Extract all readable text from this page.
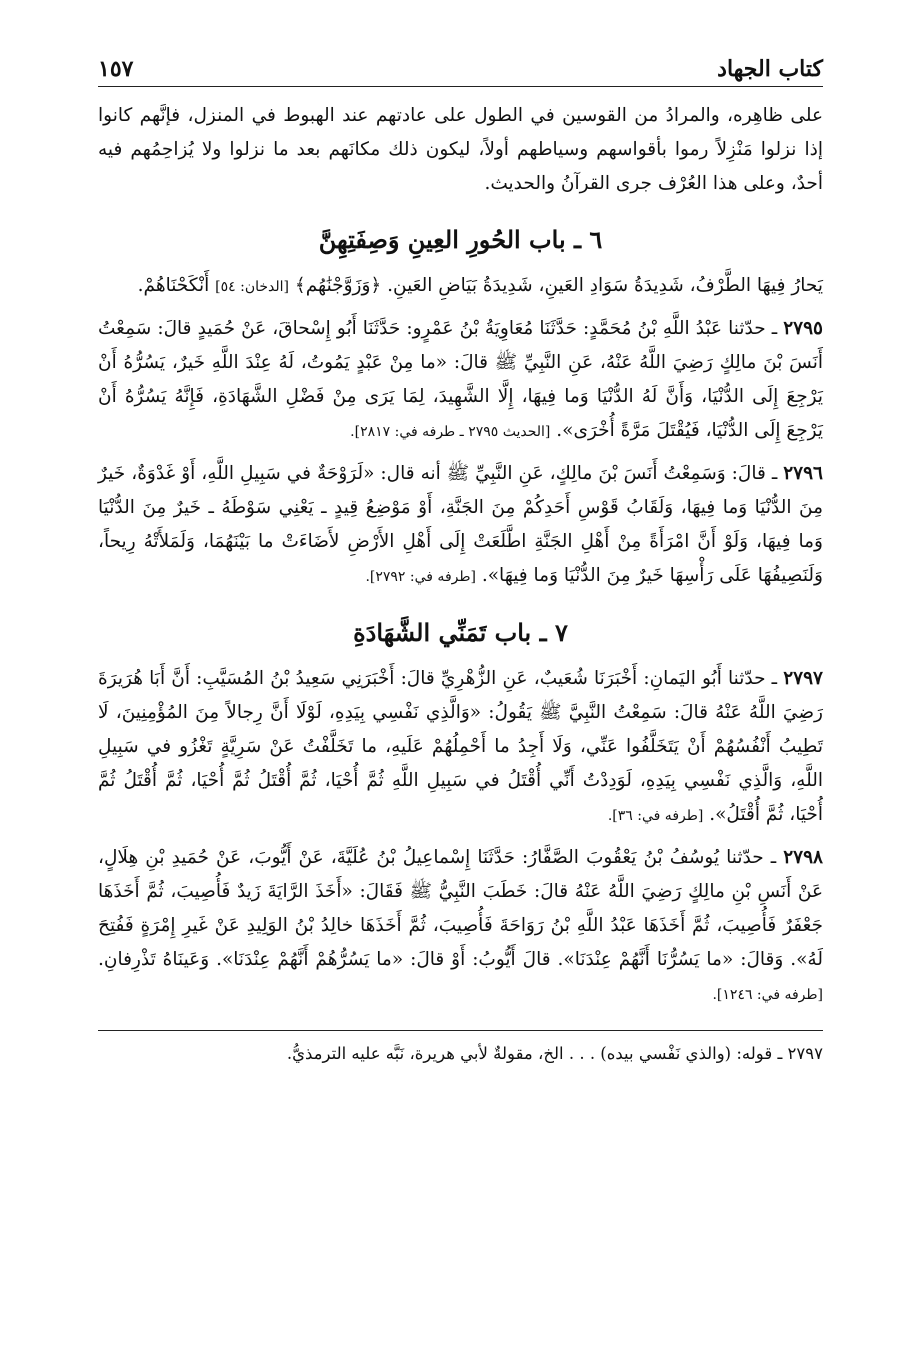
كتاب الجهاد
١٥٧

على ظاهِره، والمرادُ من القوسين في الطول على عادتهم عند الهبوط في المنزل، فإنَّهم كانوا إذا نزلوا مَنْزِلاً رموا بأقواسهم وسياطهم أولاً، ليكون ذلك مكانَهم بعد ما نزلوا ولا يُزاحِمُهم فيه أحدٌ، وعلى هذا العُرْف جرى القرآنُ والحديث.

٦ ـ باب الحُورِ العِينِ وَصِفَتِهِنَّ

يَحارُ فِيهَا الطَّرْفُ، شَدِيدَةُ سَوَادِ العَينِ، شَدِيدَةُ بَيَاضِ العَينِ. ﴿وَزَوَّجْنَٰهُم﴾ [الدخان: ٥٤] أَنْكَحْنَاهُمْ.

٢٧٩٥ ـ حدّثنا عَبْدُ اللَّهِ بْنُ مُحَمَّدٍ: حَدَّثَنَا مُعَاوِيَةُ بْنُ عَمْرٍو: حَدَّثَنَا أَبُو إِسْحاقَ، عَنْ حُمَيدٍ قالَ: سَمِعْتُ أَنَسَ بْنَ مالِكٍ رَضِيَ اللَّهُ عَنْهُ، عَنِ النَّبِيِّ ﷺ قالَ: «ما مِنْ عَبْدٍ يَمُوتُ، لَهُ عِنْدَ اللَّهِ خَيرٌ، يَسُرُّهُ أَنْ يَرْجِعَ إِلَى الدُّنْيَا، وَأَنَّ لَهُ الدُّنْيَا وَما فِيهَا، إِلَّا الشَّهِيدَ، لِمَا يَرَى مِنْ فَضْلِ الشَّهَادَةِ، فَإِنَّهُ يَسُرُّهُ أَنْ يَرْجِعَ إِلَى الدُّنْيَا، فَيُقْتَلَ مَرَّةً أُخْرَى». [الحديث ٢٧٩٥ ـ طرفه في: ٢٨١٧].

٢٧٩٦ ـ قالَ: وَسَمِعْتُ أَنَسَ بْنَ مالِكٍ، عَنِ النَّبِيِّ ﷺ أنه قال: «لَرَوْحَةٌ في سَبِيلِ اللَّهِ، أَوْ غَدْوَةٌ، خَيرٌ مِنَ الدُّنْيَا وَما فِيهَا، وَلَقَابُ قَوْسِ أَحَدِكُمْ مِنَ الجَنَّةِ، أَوْ مَوْضِعُ قِيدٍ ـ يَعْنِي سَوْطَهُ ـ خَيرٌ مِنَ الدُّنْيَا وَما فِيهَا، وَلَوْ أَنَّ امْرَأَةً مِنْ أَهْلِ الجَنَّةِ اطَّلَعَتْ إِلَى أَهْلِ الأَرْضِ لأَضَاءَتْ ما بَيْنَهُمَا، وَلَمَلأَتْهُ رِيحاً، وَلَنَصِيفُهَا عَلَى رَأْسِهَا خَيرٌ مِنَ الدُّنْيَا وَما فِيهَا». [طرفه في: ٢٧٩٢].

٧ ـ باب تَمَنِّي الشَّهَادَةِ

٢٧٩٧ ـ حدّثنا أَبُو اليَمانِ: أَخْبَرَنَا شُعَيبٌ، عَنِ الزُّهْرِيِّ قالَ: أَخْبَرَنِي سَعِيدُ بْنُ المُسَيَّبِ: أَنَّ أَبَا هُرَيرَةَ رَضِيَ اللَّهُ عَنْهُ قالَ: سَمِعْتُ النَّبِيَّ ﷺ يَقُولُ: «وَالَّذِي نَفْسِي بِيَدِهِ، لَوْلَا أَنَّ رِجالاً مِنَ المُؤْمِنِينَ، لَا تَطِيبُ أَنْفُسُهُمْ أَنْ يَتَخَلَّفُوا عَنِّي، وَلَا أَجِدُ ما أَحْمِلُهُمْ عَلَيهِ، ما تَخَلَّفْتُ عَنْ سَرِيَّةٍ تَغْزُو في سَبِيلِ اللَّهِ، وَالَّذِي نَفْسِي بِيَدِهِ، لَوَدِدْتُ أَنِّي أُقْتَلُ في سَبِيلِ اللَّهِ ثُمَّ أُحْيَا، ثُمَّ أُقْتَلُ ثُمَّ أُحْيَا، ثُمَّ أُقْتَلُ ثُمَّ أُحْيَا، ثُمَّ أُقْتَلُ». [طرفه في: ٣٦].

٢٧٩٨ ـ حدّثنا يُوسُفُ بْنُ يَعْقُوبَ الصَّفَّارُ: حَدَّثَنَا إِسْماعِيلُ بْنُ عُلَيَّةَ، عَنْ أَيُّوبَ، عَنْ حُمَيدِ بْنِ هِلَالٍ، عَنْ أَنَسِ بْنِ مالِكٍ رَضِيَ اللَّهُ عَنْهُ قالَ: خَطَبَ النَّبِيُّ ﷺ فَقَالَ: «أَخَذَ الرَّايَةَ زَيدٌ فَأُصِيبَ، ثُمَّ أَخَذَهَا جَعْفَرٌ فَأُصِيبَ، ثُمَّ أَخَذَهَا عَبْدُ اللَّهِ بْنُ رَوَاحَةَ فَأُصِيبَ، ثُمَّ أَخَذَهَا خالِدُ بْنُ الوَلِيدِ عَنْ غَيرِ إِمْرَةٍ فَفُتِحَ لَهُ». وَقالَ: «ما يَسُرُّنَا أَنَّهُمْ عِنْدَنَا». قالَ أَيُّوبُ: أَوْ قالَ: «ما يَسُرُّهُمْ أَنَّهُمْ عِنْدَنَا». وَعَينَاهُ تَذْرِفانِ. [طرفه في: ١٢٤٦].

٢٧٩٧ ـ قوله: (والذي نَفْسي بيده) . . . الخ، مقولةٌ لأبي هريرة، نَبَّه عليه الترمذيُّ.
